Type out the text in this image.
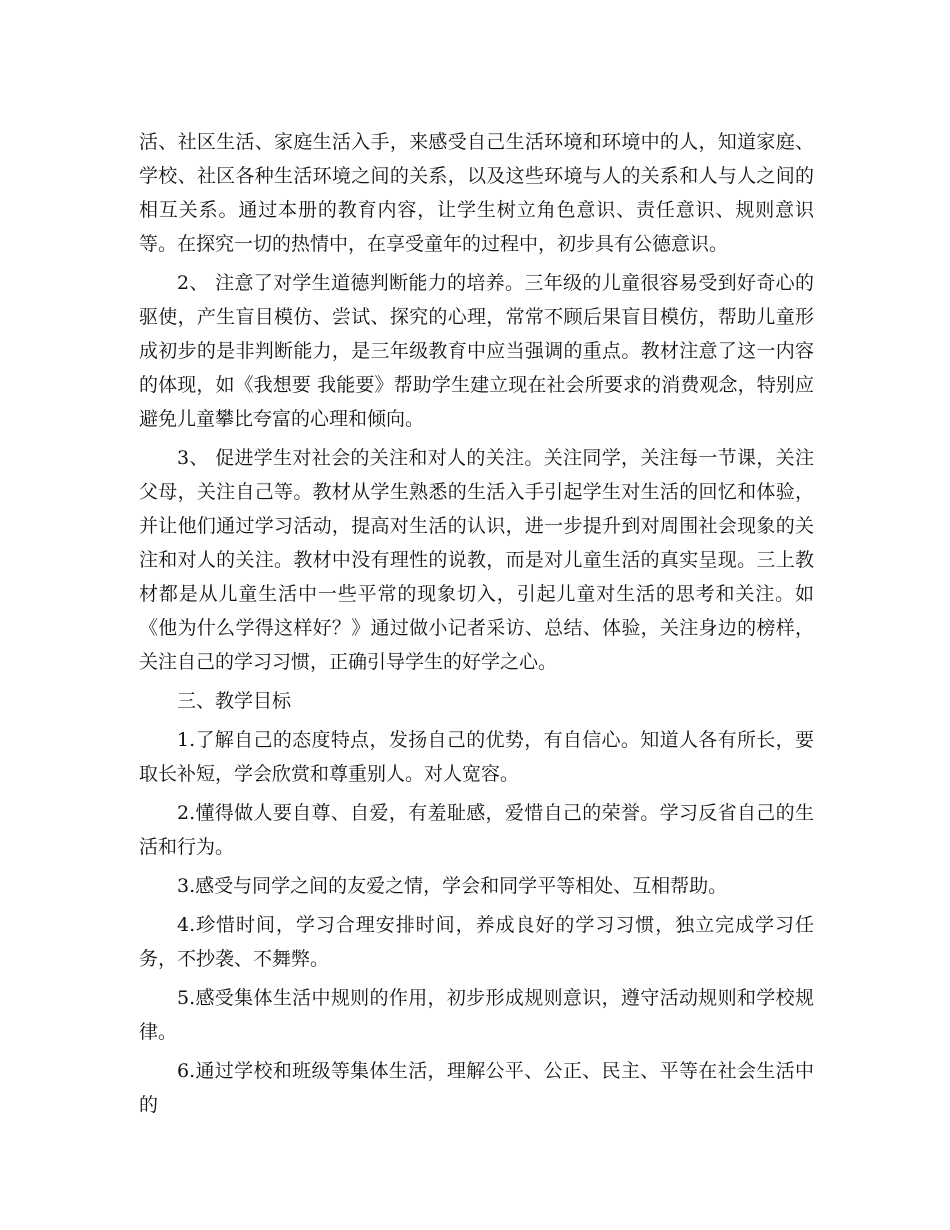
活、社区生活、家庭生活入手，来感受自己生活环境和环境中的人，知道家庭、学校、社区各种生活环境之间的关系，以及这些环境与人的关系和人与人之间的相互关系。通过本册的教育内容，让学生树立角色意识、责任意识、规则意识等。在探究一切的热情中，在享受童年的过程中，初步具有公德意识。

2、 注意了对学生道德判断能力的培养。三年级的儿童很容易受到好奇心的驱使，产生盲目模仿、尝试、探究的心理，常常不顾后果盲目模仿，帮助儿童形成初步的是非判断能力，是三年级教育中应当强调的重点。教材注意了这一内容的体现，如《我想要 我能要》帮助学生建立现在社会所要求的消费观念，特别应避免儿童攀比夸富的心理和倾向。

3、 促进学生对社会的关注和对人的关注。关注同学，关注每一节课，关注父母，关注自己等。教材从学生熟悉的生活入手引起学生对生活的回忆和体验，并让他们通过学习活动，提高对生活的认识，进一步提升到对周围社会现象的关注和对人的关注。教材中没有理性的说教，而是对儿童生活的真实呈现。三上教材都是从儿童生活中一些平常的现象切入，引起儿童对生活的思考和关注。如《他为什么学得这样好？》通过做小记者采访、总结、体验，关注身边的榜样，关注自己的学习习惯，正确引导学生的好学之心。

三、教学目标

1.了解自己的态度特点，发扬自己的优势，有自信心。知道人各有所长，要取长补短，学会欣赏和尊重别人。对人宽容。

2.懂得做人要自尊、自爱，有羞耻感，爱惜自己的荣誉。学习反省自己的生活和行为。

3.感受与同学之间的友爱之情，学会和同学平等相处、互相帮助。

4.珍惜时间，学习合理安排时间，养成良好的学习习惯，独立完成学习任务，不抄袭、不舞弊。

5.感受集体生活中规则的作用，初步形成规则意识，遵守活动规则和学校规律。

6.通过学校和班级等集体生活，理解公平、公正、民主、平等在社会生活中的
